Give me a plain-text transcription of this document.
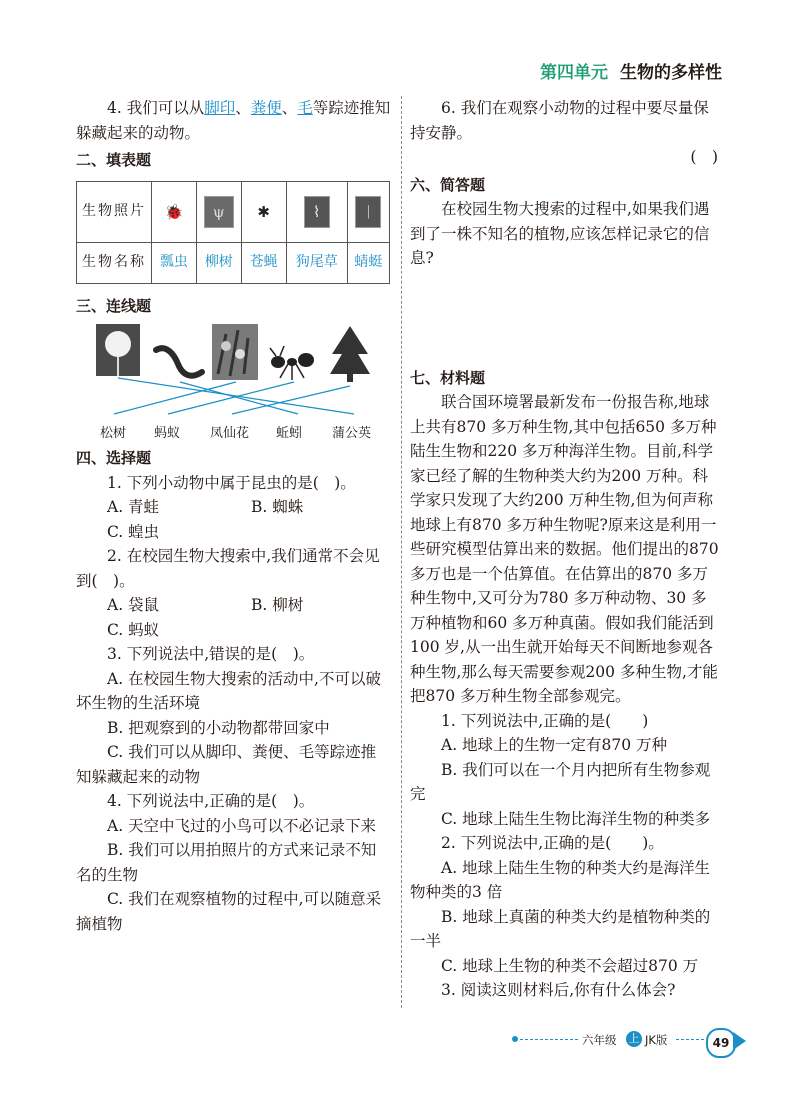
第四单元 生物的多样性

4. 我们可以从脚印、粪便、毛等踪迹推知躲藏起来的动物。

二、填表题

生物照片	🐞	ψ	✱	⌇	ᛁ

生物名称	瓢虫	柳树	苍蝇	狗尾草	蜻蜓

三、连线题

松树 蚂蚁 凤仙花 蚯蚓 蒲公英

四、选择题

1. 下列小动物中属于昆虫的是(　)。

A. 青蛙	B. 蜘蛛

C. 蝗虫

2. 在校园生物大搜索中,我们通常不会见到(　)。

A. 袋鼠	B. 柳树

C. 蚂蚁

3. 下列说法中,错误的是(　)。

A. 在校园生物大搜索的活动中,不可以破坏生物的生活环境

B. 把观察到的小动物都带回家中

C. 我们可以从脚印、粪便、毛等踪迹推知躲藏起来的动物

4. 下列说法中,正确的是(　)。

A. 天空中飞过的小鸟可以不必记录下来

B. 我们可以用拍照片的方式来记录不知名的生物

C. 我们在观察植物的过程中,可以随意采摘植物

6. 我们在观察小动物的过程中要尽量保持安静。

(　)

六、简答题

在校园生物大搜索的过程中,如果我们遇到了一株不知名的植物,应该怎样记录它的信息?

七、材料题

联合国环境署最新发布一份报告称,地球上共有870 多万种生物,其中包括650 多万种陆生生物和220 多万种海洋生物。目前,科学家已经了解的生物种类大约为200 万种。科学家只发现了大约200 万种生物,但为何声称地球上有870 多万种生物呢?原来这是利用一些研究模型估算出来的数据。他们提出的870 多万也是一个估算值。在估算出的870 多万种生物中,又可分为780 多万种动物、30 多万种植物和60 多万种真菌。假如我们能活到100 岁,从一出生就开始每天不间断地参观各种生物,那么每天需要参观200 多种生物,才能把870 多万种生物全部参观完。

1. 下列说法中,正确的是(　　)

A. 地球上的生物一定有870 万种

B. 我们可以在一个月内把所有生物参观完

C. 地球上陆生生物比海洋生物的种类多

2. 下列说法中,正确的是(　　)。

A. 地球上陆生生物的种类大约是海洋生物种类的3 倍

B. 地球上真菌的种类大约是植物种类的一半

C. 地球上生物的种类不会超过870 万

3. 阅读这则材料后,你有什么体会?

六年级 上 JK版	49
